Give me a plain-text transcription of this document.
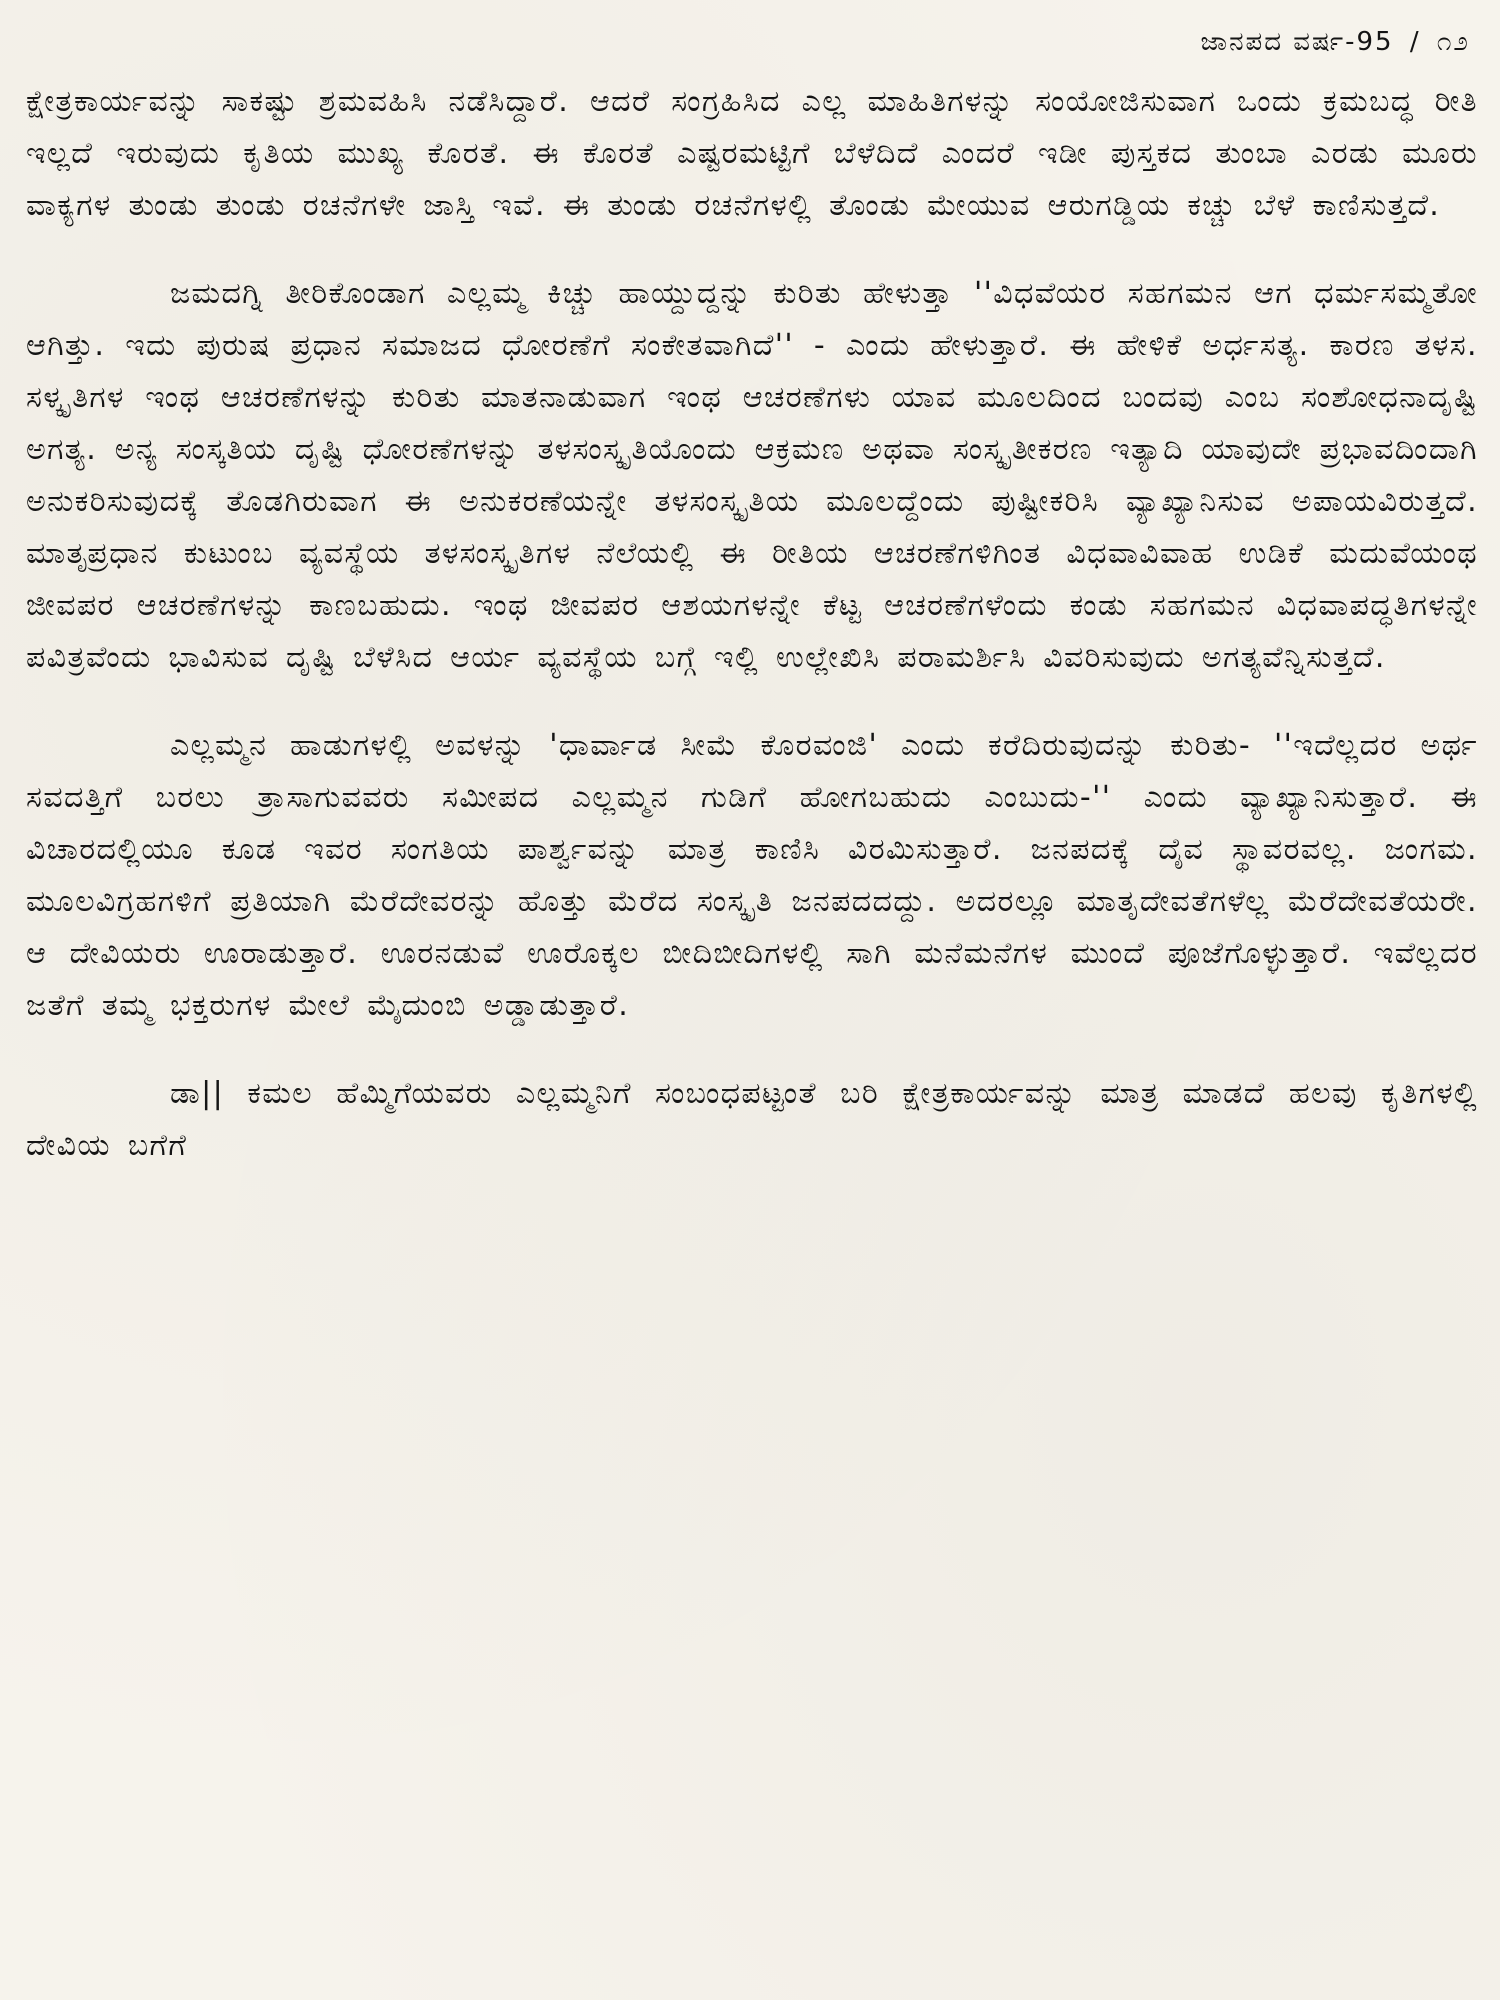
ಜಾನಪದ ವರ್ಷ-95 / ೧೨

ಕ್ಷೇತ್ರಕಾರ್ಯವನ್ನು ಸಾಕಷ್ಟು ಶ್ರಮವಹಿಸಿ ನಡೆಸಿದ್ದಾರೆ. ಆದರೆ ಸಂಗ್ರಹಿಸಿದ ಎಲ್ಲ ಮಾಹಿತಿಗಳನ್ನು ಸಂಯೋಜಿಸುವಾಗ ಒಂದು ಕ್ರಮಬದ್ಧ ರೀತಿ ಇಲ್ಲದೆ ಇರುವುದು ಕೃತಿಯ ಮುಖ್ಯ ಕೊರತೆ. ಈ ಕೊರತೆ ಎಷ್ಟರಮಟ್ಟಿಗೆ ಬೆಳೆದಿದೆ ಎಂದರೆ ಇಡೀ ಪುಸ್ತಕದ ತುಂಬಾ ಎರಡು ಮೂರು ವಾಕ್ಯಗಳ ತುಂಡು ತುಂಡು ರಚನೆಗಳೇ ಜಾಸ್ತಿ ಇವೆ. ಈ ತುಂಡು ರಚನೆಗಳಲ್ಲಿ ತೊಂಡು ಮೇಯುವ ಆರುಗಡ್ಡಿಯ ಕಚ್ಚು ಬೆಳೆ ಕಾಣಿಸುತ್ತದೆ.

ಜಮದಗ್ನಿ ತೀರಿಕೊಂಡಾಗ ಎಲ್ಲಮ್ಮ ಕಿಚ್ಚು ಹಾಯ್ದುದ್ದನ್ನು ಕುರಿತು ಹೇಳುತ್ತಾ ''ವಿಧವೆಯರ ಸಹಗಮನ ಆಗ ಧರ್ಮಸಮ್ಮತೋ ಆಗಿತ್ತು. ಇದು ಪುರುಷ ಪ್ರಧಾನ ಸಮಾಜದ ಧೋರಣೆಗೆ ಸಂಕೇತವಾಗಿದೆ'' - ಎಂದು ಹೇಳುತ್ತಾರೆ. ಈ ಹೇಳಿಕೆ ಅರ್ಧಸತ್ಯ. ಕಾರಣ ತಳಸ. ಸಳ್ಕೃತಿಗಳ ಇಂಥ ಆಚರಣೆಗಳನ್ನು ಕುರಿತು ಮಾತನಾಡುವಾಗ ಇಂಥ ಆಚರಣೆಗಳು ಯಾವ ಮೂಲದಿಂದ ಬಂದವು ಎಂಬ ಸಂಶೋಧನಾದೃಷ್ಟಿ ಅಗತ್ಯ. ಅನ್ಯ ಸಂಸ್ಕತಿಯ ದೃಷ್ಟಿ ಧೋರಣೆಗಳನ್ನು ತಳಸಂಸ್ಕೃತಿಯೊಂದು ಆಕ್ರಮಣ ಅಥವಾ ಸಂಸ್ಕೃತೀಕರಣ ಇತ್ಯಾದಿ ಯಾವುದೇ ಪ್ರಭಾವದಿಂದಾಗಿ ಅನುಕರಿಸುವುದಕ್ಕೆ ತೊಡಗಿರುವಾಗ ಈ ಅನುಕರಣೆಯನ್ನೇ ತಳಸಂಸ್ಕೃತಿಯ ಮೂಲದ್ದೆಂದು ಪುಷ್ಟೀಕರಿಸಿ ವ್ಯಾಖ್ಯಾನಿಸುವ ಅಪಾಯವಿರುತ್ತದೆ. ಮಾತೃಪ್ರಧಾನ ಕುಟುಂಬ ವ್ಯವಸ್ಥೆಯ ತಳಸಂಸ್ಕೃತಿಗಳ ನೆಲೆಯಲ್ಲಿ ಈ ರೀತಿಯ ಆಚರಣೆಗಳಿಗಿಂತ ವಿಧವಾವಿವಾಹ ಉಡಿಕೆ ಮದುವೆಯಂಥ ಜೀವಪರ ಆಚರಣೆಗಳನ್ನು ಕಾಣಬಹುದು. ಇಂಥ ಜೀವಪರ ಆಶಯಗಳನ್ನೇ ಕೆಟ್ಟ ಆಚರಣೆಗಳೆಂದು ಕಂಡು ಸಹಗಮನ ವಿಧವಾಪದ್ಧತಿಗಳನ್ನೇ ಪವಿತ್ರವೆಂದು ಭಾವಿಸುವ ದೃಷ್ಟಿ ಬೆಳೆಸಿದ ಆರ್ಯ ವ್ಯವಸ್ಥೆಯ ಬಗ್ಗೆ ಇಲ್ಲಿ ಉಲ್ಲೇಖಿಸಿ ಪರಾಮರ್ಶಿಸಿ ವಿವರಿಸುವುದು ಅಗತ್ಯವೆನ್ನಿಸುತ್ತದೆ.

ಎಲ್ಲಮ್ಮನ ಹಾಡುಗಳಲ್ಲಿ ಅವಳನ್ನು 'ಧಾರ್ವಾಡ ಸೀಮೆ ಕೊರವಂಜಿ' ಎಂದು ಕರೆದಿರುವುದನ್ನು ಕುರಿತು- ''ಇದೆಲ್ಲದರ ಅರ್ಥ ಸವದತ್ತಿಗೆ ಬರಲು ತ್ರಾಸಾಗುವವರು ಸಮೀಪದ ಎಲ್ಲಮ್ಮನ ಗುಡಿಗೆ ಹೋಗಬಹುದು ಎಂಬುದು-'' ಎಂದು ವ್ಯಾಖ್ಯಾನಿಸುತ್ತಾರೆ. ಈ ವಿಚಾರದಲ್ಲಿಯೂ ಕೂಡ ಇವರ ಸಂಗತಿಯ ಪಾರ್ಶ್ವವನ್ನು ಮಾತ್ರ ಕಾಣಿಸಿ ವಿರಮಿಸುತ್ತಾರೆ. ಜನಪದಕ್ಕೆ ದೈವ ಸ್ಥಾವರವಲ್ಲ. ಜಂಗಮ. ಮೂಲವಿಗ್ರಹಗಳಿಗೆ ಪ್ರತಿಯಾಗಿ ಮೆರೆದೇವರನ್ನು ಹೊತ್ತು ಮೆರೆದ ಸಂಸ್ಕೃತಿ ಜನಪದದದ್ದು. ಅದರಲ್ಲೂ ಮಾತೃದೇವತೆಗಳೆಲ್ಲ ಮೆರೆದೇವತೆಯರೇ. ಆ ದೇವಿಯರು ಊರಾಡುತ್ತಾರೆ. ಊರನಡುವೆ ಊರೊಕ್ಕಲ ಬೀದಿಬೀದಿಗಳಲ್ಲಿ ಸಾಗಿ ಮನೆಮನೆಗಳ ಮುಂದೆ ಪೂಜೆಗೊಳ್ಳುತ್ತಾರೆ. ಇವೆಲ್ಲದರ ಜತೆಗೆ ತಮ್ಮ ಭಕ್ತರುಗಳ ಮೇಲೆ ಮೈದುಂಬಿ ಅಡ್ಡಾಡುತ್ತಾರೆ.

ಡಾ|| ಕಮಲ ಹೆಮ್ಮಿಗೆಯವರು ಎಲ್ಲಮ್ಮನಿಗೆ ಸಂಬಂಧಪಟ್ಟಂತೆ ಬರಿ ಕ್ಷೇತ್ರಕಾರ್ಯವನ್ನು ಮಾತ್ರ ಮಾಡದೆ ಹಲವು ಕೃತಿಗಳಲ್ಲಿ ದೇವಿಯ ಬಗೆಗೆ
